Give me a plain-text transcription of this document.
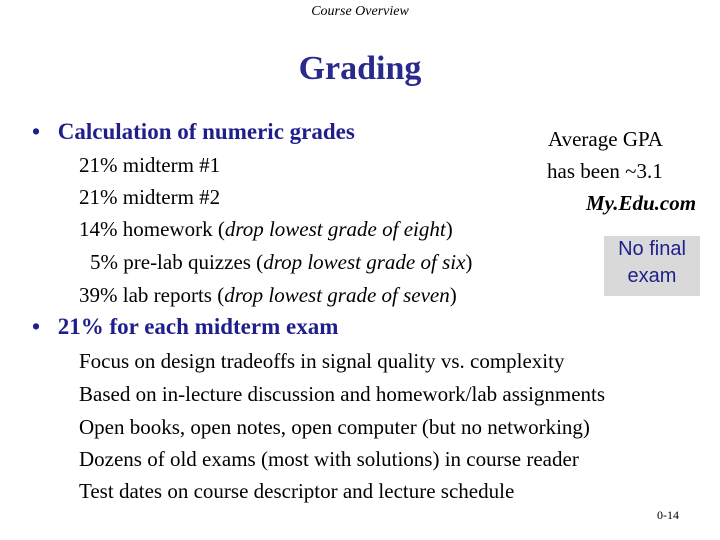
Course Overview
Grading
• Calculation of numeric grades
21% midterm #1
21% midterm #2
14% homework (drop lowest grade of eight)
5% pre-lab quizzes (drop lowest grade of six)
39% lab reports (drop lowest grade of seven)
• 21% for each midterm exam
Focus on design tradeoffs in signal quality vs. complexity
Based on in-lecture discussion and homework/lab assignments
Open books, open notes, open computer (but no networking)
Dozens of old exams (most with solutions) in course reader
Test dates on course descriptor and lecture schedule
Average GPA
has been ~3.1
My.Edu.com
No final
exam
0-14
